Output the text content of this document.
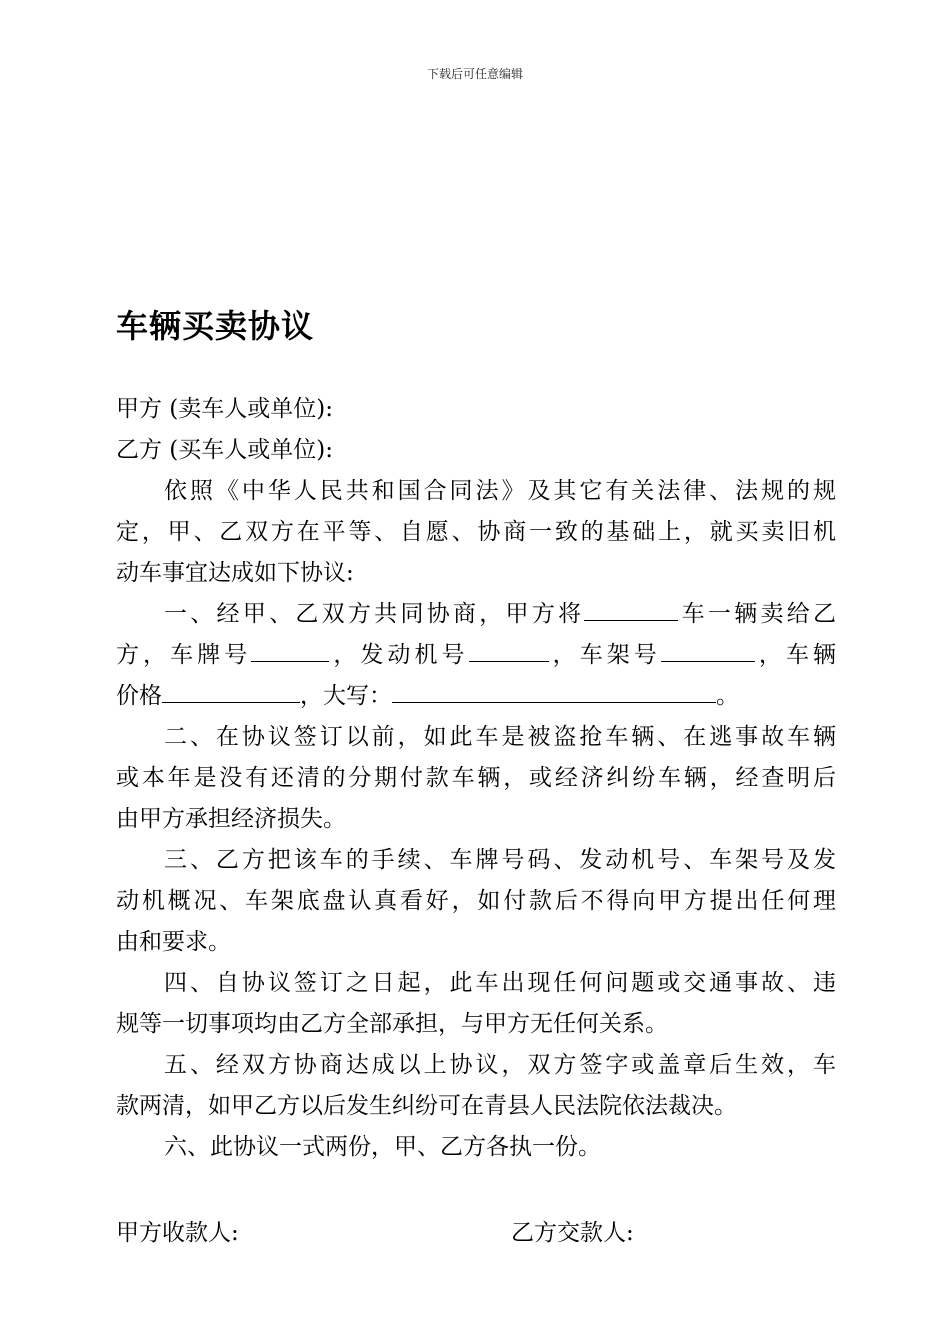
下载后可任意编辑
车辆买卖协议
甲方 (卖车人或单位):
乙方 (买车人或单位):
依照《中华人民共和国合同法》及其它有关法律、法规的规
定，甲、乙双方在平等、自愿、协商一致的基础上，就买卖旧机
动车事宜达成如下协议:
一、经甲、乙双方共同协商，甲方将	车一辆卖给乙
方，车牌号	，发动机号	，车架号	，车辆
价格	，大写：	。
二、在协议签订以前，如此车是被盗抢车辆、在逃事故车辆
或本年是没有还清的分期付款车辆，或经济纠纷车辆，经查明后
由甲方承担经济损失。
三、乙方把该车的手续、车牌号码、发动机号、车架号及发
动机概况、车架底盘认真看好，如付款后不得向甲方提出任何理
由和要求。
四、自协议签订之日起，此车出现任何问题或交通事故、违
规等一切事项均由乙方全部承担，与甲方无任何关系。
五、经双方协商达成以上协议，双方签字或盖章后生效，车
款两清，如甲乙方以后发生纠纷可在青县人民法院依法裁决。
六、此协议一式两份，甲、乙方各执一份。
甲方收款人:	乙方交款人:
